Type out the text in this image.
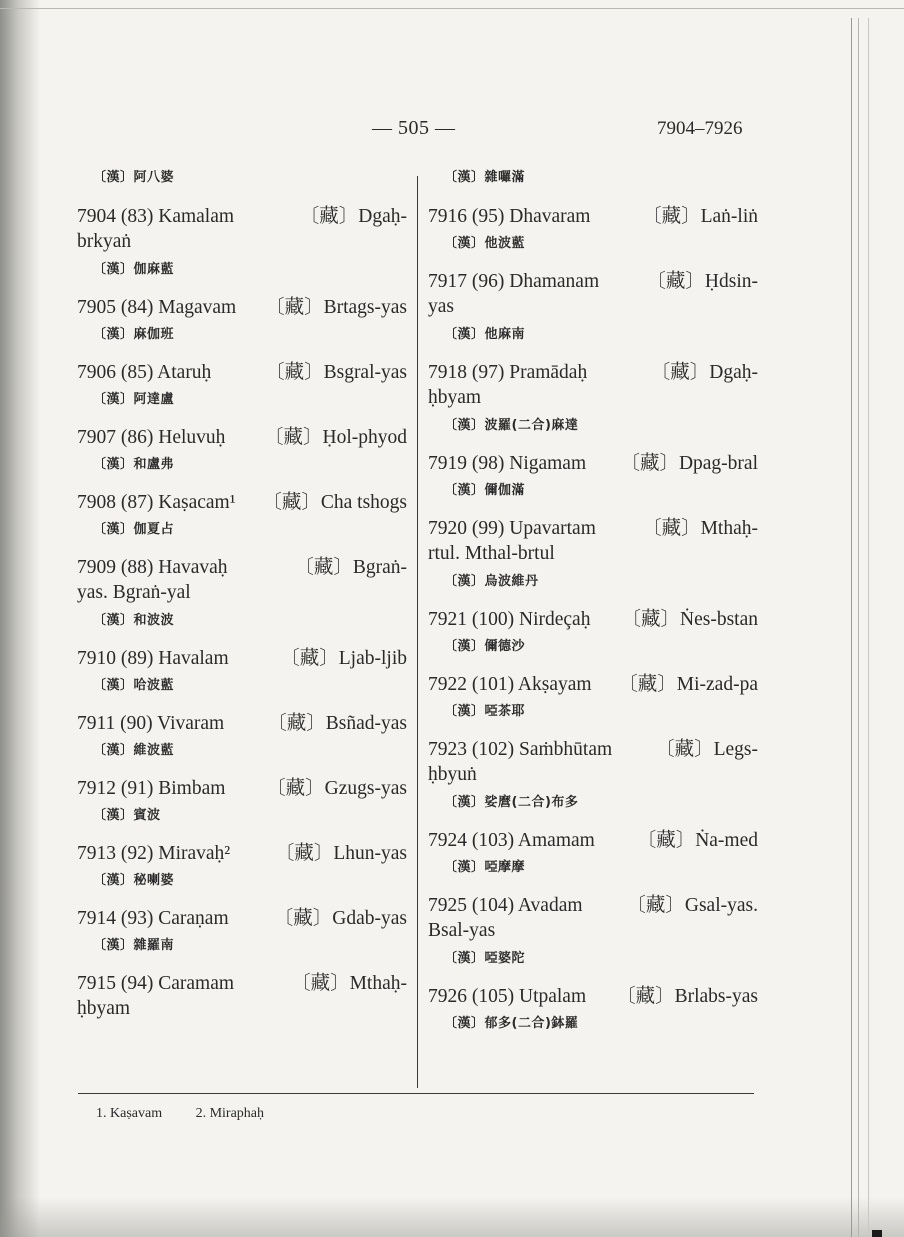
— 505 —	7904–7926
〔漢〕阿八婆
7904 (83) Kamalam	〔藏〕Dgaḥ-
brkyaṅ
〔漢〕伽麻藍
7905 (84) Magavam 〔藏〕Brtags-yas
〔漢〕麻伽班
7906 (85) Ataruḥ	〔藏〕Bsgral-yas
〔漢〕阿達盧
7907 (86) Heluvuḥ 〔藏〕Ḥol-phyod
〔漢〕和盧弗
7908 (87) Kaṣacam¹ 〔藏〕Cha tshogs
〔漢〕伽夏占
7909 (88) Havavaḥ	〔藏〕Bgraṅ-
yas. Bgraṅ-yal
〔漢〕和波波
7910 (89) Havalam	〔藏〕Ljab-ljib
〔漢〕哈波藍
7911 (90) Vivaram 〔藏〕Bsñad-yas
〔漢〕維波藍
7912 (91) Bimbam 〔藏〕Gzugs-yas
〔漢〕賓波
7913 (92) Miravaḥ² 〔藏〕Lhun-yas
〔漢〕秘喇婆
7914 (93) Caraṇam 〔藏〕Gdab-yas
〔漢〕雜羅南
7915 (94) Caramam	〔藏〕Mthaḥ-
ḥbyam
〔漢〕雜囉滿
7916 (95) Dhavaram	〔藏〕Laṅ-liṅ
〔漢〕他波藍
7917 (96) Dhamanam 〔藏〕Ḥdsin-
yas
〔漢〕他麻南
7918 (97) Pramādaḥ	〔藏〕Dgaḥ-
ḥbyam
〔漢〕波羅(二合)麻達
7919 (98) Nigamam 〔藏〕Dpag-bral
〔漢〕儞伽滿
7920 (99) Upavartam 〔藏〕Mthaḥ-
rtul. Mthal-brtul
〔漢〕烏波維丹
7921 (100) Nirdeçaḥ 〔藏〕Ṅes-bstan
〔漢〕儞德沙
7922 (101) Akṣayam 〔藏〕Mi-zad-pa
〔漢〕啞茶耶
7923 (102) Saṁbhūtam 〔藏〕Legs-
ḥbyuṅ
〔漢〕娑麿(二合)布多
7924 (103) Amamam 〔藏〕Ṅa-med
〔漢〕啞摩摩
7925 (104) Avadam 〔藏〕Gsal-yas.
Bsal-yas
〔漢〕啞婆陀
7926 (105) Utpalam 〔藏〕Brlabs-yas
〔漢〕郁多(二合)鉢羅
1. Kaṣavam 2. Miraphaḥ
